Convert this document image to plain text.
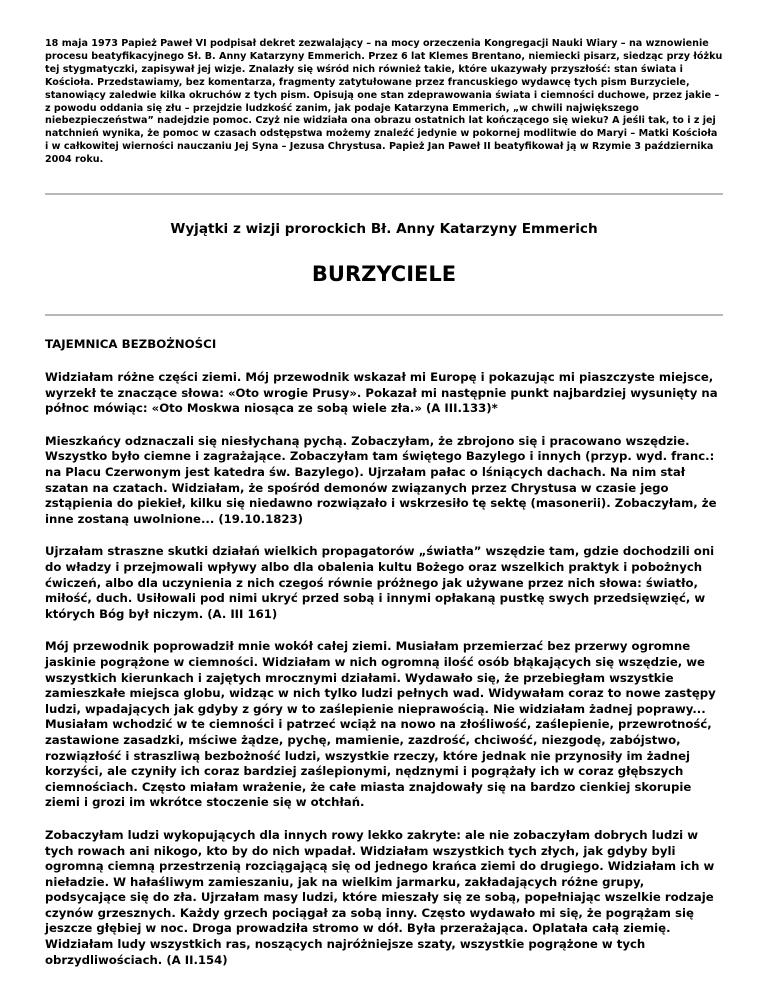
18 maja 1973 Papież Paweł VI podpisał dekret zezwalający – na mocy orzeczenia Kongregacji Nauki Wiary – na wznowienie procesu beatyfikacyjnego Sł. B. Anny Katarzyny Emmerich. Przez 6 lat Klemes Brentano, niemiecki pisarz, siedząc przy łóżku tej stygmatyczki, zapisywał jej wizje. Znalazły się wśród nich również takie, które ukazywały przyszłość: stan świata i Kościoła. Przedstawiamy, bez komentarza, fragmenty zatytułowane przez francuskiego wydawcę tych pism Burzyciele, stanowiący zaledwie kilka okruchów z tych pism. Opisują one stan zdeprawowania świata i ciemności duchowe, przez jakie – z powodu oddania się złu – przejdzie ludzkość zanim, jak podaje Katarzyna Emmerich, „w chwili największego niebezpieczeństwa” nadejdzie pomoc. Czyż nie widziała ona obrazu ostatnich lat kończącego się wieku? A jeśli tak, to i z jej natchnień wynika, że pomoc w czasach odstępstwa możemy znaleźć jedynie w pokornej modlitwie do Maryi – Matki Kościoła i w całkowitej wierności nauczaniu Jej Syna – Jezusa Chrystusa. Papież Jan Paweł II beatyfikował ją w Rzymie 3 października 2004 roku.

Wyjątki z wizji prorockich Bł. Anny Katarzyny Emmerich
BURZYCIELE
TAJEMNICA BEZBOŻNOŚCI

Widziałam różne części ziemi. Mój przewodnik wskazał mi Europę i pokazując mi piaszczyste miejsce, wyrzekł te znaczące słowa: «Oto wrogie Prusy». Pokazał mi następnie punkt najbardziej wysunięty na północ mówiąc: «Oto Moskwa niosąca ze sobą wiele zła.» (A III.133)*

Mieszkańcy odznaczali się niesłychaną pychą. Zobaczyłam, że zbrojono się i pracowano wszędzie. Wszystko było ciemne i zagrażające. Zobaczyłam tam świętego Bazylego i innych (przyp. wyd. franc.: na Placu Czerwonym jest katedra św. Bazylego). Ujrzałam pałac o lśniących dachach. Na nim stał szatan na czatach. Widziałam, że spośród demonów związanych przez Chrystusa w czasie jego zstąpienia do piekieł, kilku się niedawno rozwiązało i wskrzesiło tę sektę (masonerii). Zobaczyłam, że inne zostaną uwolnione... (19.10.1823)

Ujrzałam straszne skutki działań wielkich propagatorów „światła” wszędzie tam, gdzie dochodzili oni do władzy i przejmowali wpływy albo dla obalenia kultu Bożego oraz wszelkich praktyk i pobożnych ćwiczeń, albo dla uczynienia z nich czegoś równie próżnego jak używane przez nich słowa: światło, miłość, duch. Usiłowali pod nimi ukryć przed sobą i innymi opłakaną pustkę swych przedsięwzięć, w których Bóg był niczym. (A. III 161)

Mój przewodnik poprowadził mnie wokół całej ziemi. Musiałam przemierzać bez przerwy ogromne jaskinie pogrążone w ciemności. Widziałam w nich ogromną ilość osób błąkających się wszędzie, we wszystkich kierunkach i zajętych mrocznymi działami. Wydawało się, że przebiegłam wszystkie zamieszkałe miejsca globu, widząc w nich tylko ludzi pełnych wad. Widywałam coraz to nowe zastępy ludzi, wpadających jak gdyby z góry w to zaślepienie nieprawością. Nie widziałam żadnej poprawy... Musiałam wchodzić w te ciemności i patrzeć wciąż na nowo na złośliwość, zaślepienie, przewrotność, zastawione zasadzki, mściwe żądze, pychę, mamienie, zazdrość, chciwość, niezgodę, zabójstwo, rozwiązłość i straszliwą bezbożność ludzi, wszystkie rzeczy, które jednak nie przynosiły im żadnej korzyści, ale czyniły ich coraz bardziej zaślepionymi, nędznymi i pogrążały ich w coraz głębszych ciemnościach. Często miałam wrażenie, że całe miasta znajdowały się na bardzo cienkiej skorupie ziemi i grozi im wkrótce stoczenie się w otchłań.

Zobaczyłam ludzi wykopujących dla innych rowy lekko zakryte: ale nie zobaczyłam dobrych ludzi w tych rowach ani nikogo, kto by do nich wpadał. Widziałam wszystkich tych złych, jak gdyby byli ogromną ciemną przestrzenią rozciągającą się od jednego krańca ziemi do drugiego. Widziałam ich w nieładzie. W hałaśliwym zamieszaniu, jak na wielkim jarmarku, zakładających różne grupy, podsycające się do zła. Ujrzałam masy ludzi, które mieszały się ze sobą, popełniając wszelkie rodzaje czynów grzesznych. Każdy grzech pociągał za sobą inny. Często wydawało mi się, że pogrążam się jeszcze głębiej w noc. Droga prowadziła stromo w dół. Była przerażająca. Oplatała całą ziemię. Widziałam ludy wszystkich ras, noszących najróżniejsze szaty, wszystkie pogrążone w tych obrzydliwościach. (A II.154)
